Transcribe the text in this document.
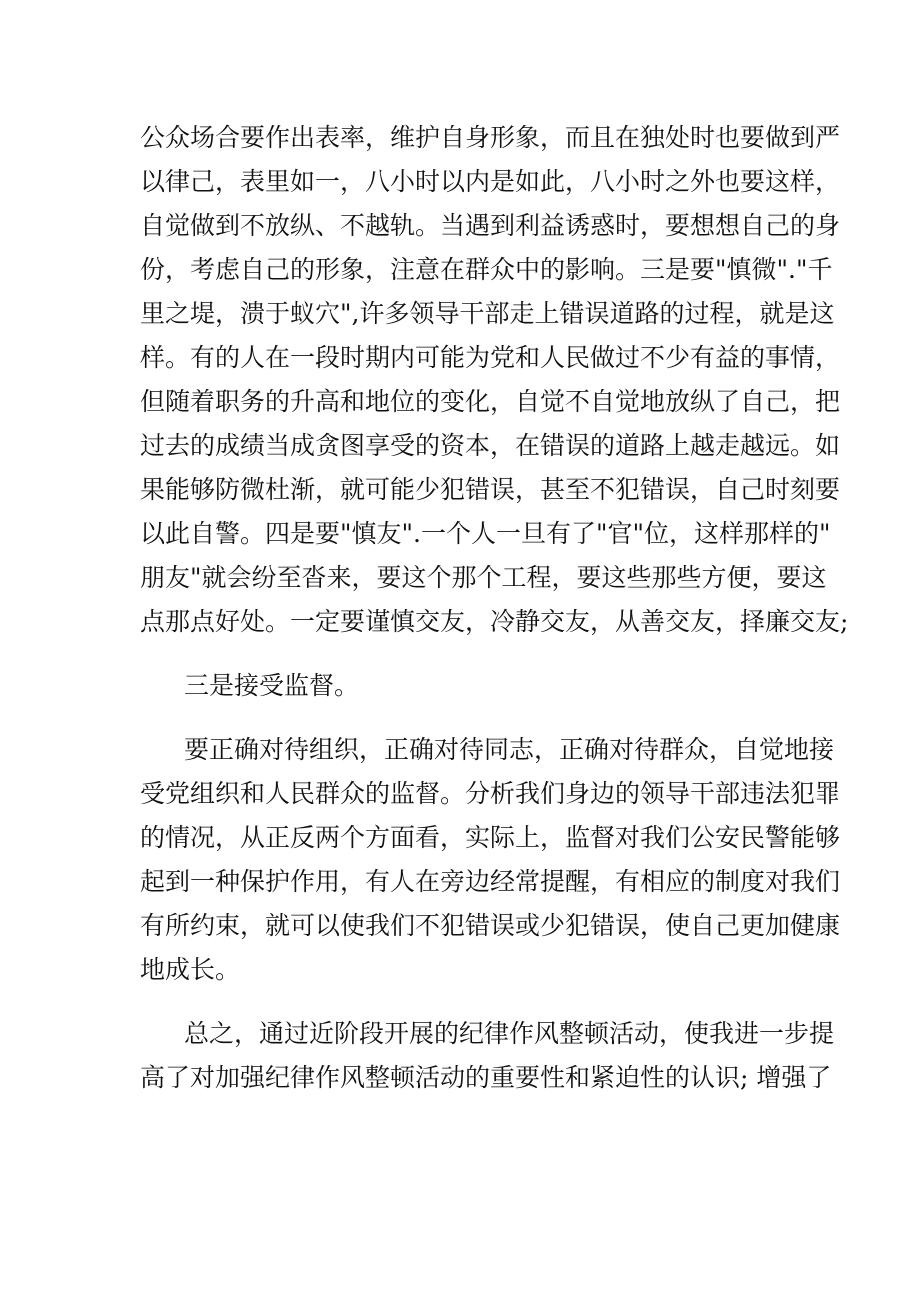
公众场合要作出表率，维护自身形象，而且在独处时也要做到严
以律己，表里如一，八小时以内是如此，八小时之外也要这样，
自觉做到不放纵、不越轨。当遇到利益诱惑时，要想想自己的身
份，考虑自己的形象，注意在群众中的影响。三是要"慎微"."千
里之堤，溃于蚁穴",许多领导干部走上错误道路的过程，就是这
样。有的人在一段时期内可能为党和人民做过不少有益的事情，
但随着职务的升高和地位的变化，自觉不自觉地放纵了自己，把
过去的成绩当成贪图享受的资本，在错误的道路上越走越远。如
果能够防微杜渐，就可能少犯错误，甚至不犯错误，自己时刻要
以此自警。四是要"慎友".一个人一旦有了"官"位，这样那样的"
朋友"就会纷至沓来，要这个那个工程，要这些那些方便，要这
点那点好处。一定要谨慎交友，冷静交友，从善交友，择廉交友;
三是接受监督。
要正确对待组织，正确对待同志，正确对待群众，自觉地接
受党组织和人民群众的监督。分析我们身边的领导干部违法犯罪
的情况，从正反两个方面看，实际上，监督对我们公安民警能够
起到一种保护作用，有人在旁边经常提醒，有相应的制度对我们
有所约束，就可以使我们不犯错误或少犯错误，使自己更加健康
地成长。
总之，通过近阶段开展的纪律作风整顿活动，使我进一步提
高了对加强纪律作风整顿活动的重要性和紧迫性的认识; 增强了
